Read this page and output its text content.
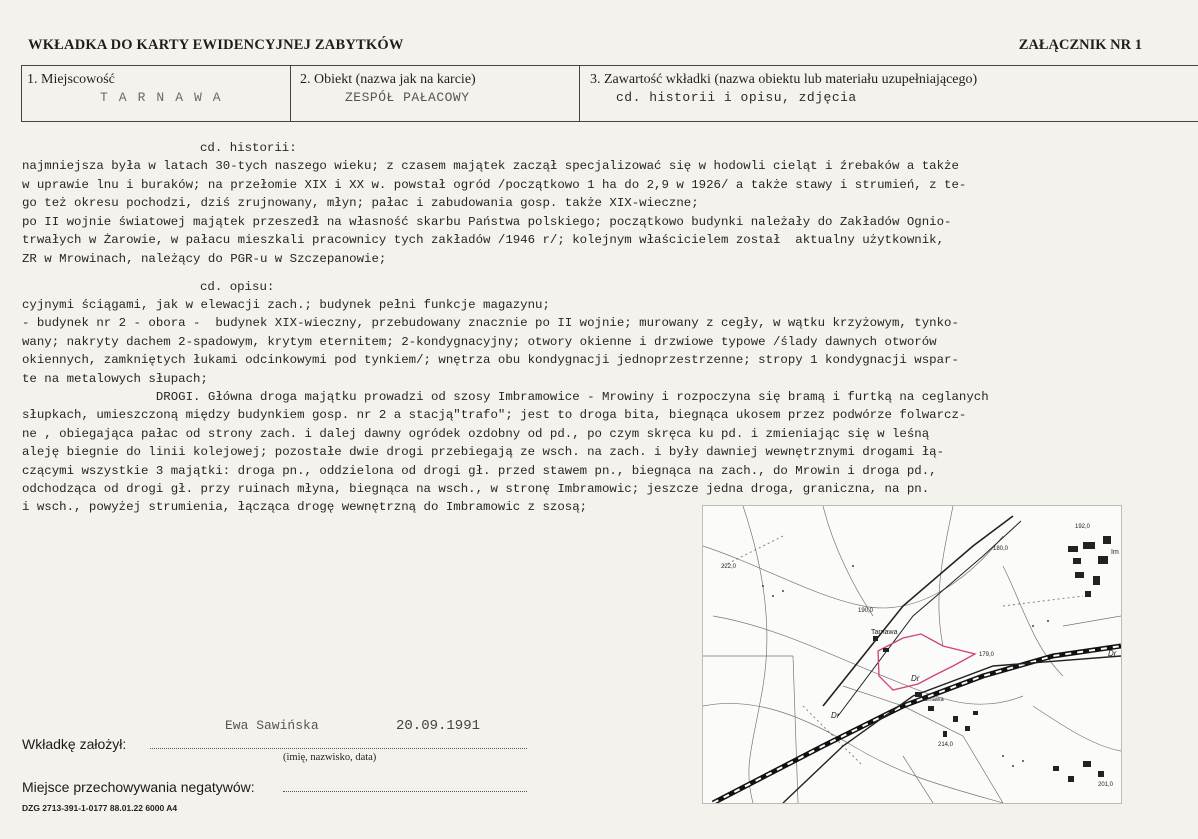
WKŁADKA DO KARTY EWIDENCYJNEJ ZABYTKÓW	ZAŁĄCZNIK NR 1
1. Miejscowość
TARNAWA
2. Obiekt (nazwa jak na karcie)
ZESPÓŁ PAŁACOWY
3. Zawartość wkładki (nazwa obiektu lub materiału uzupełniającego)
cd. historii i opisu, zdjęcia
cd. historii:
najmniejsza była w latach 30-tych naszego wieku; z czasem majątek zaczął specjalizować się w hodowli cieląt i źrebaków a także
w uprawie lnu i buraków; na przełomie XIX i XX w. powstał ogród /początkowo 1 ha do 2,9 w 1926/ a także stawy i strumień, z te-
go też okresu pochodzi, dziś zrujnowany, młyn; pałac i zabudowania gosp. także XIX-wieczne;
po II wojnie światowej majątek przeszedł na własność skarbu Państwa polskiego; początkowo budynki należały do Zakładów Ognio-
trwałych w Żarowie, w pałacu mieszkali pracownicy tych zakładów /1946 r/; kolejnym właścicielem został  aktualny użytkownik,
ZR w Mrowinach, należący do PGR-u w Szczepanowie;
cd. opisu:
cyjnymi ściągami, jak w elewacji zach.; budynek pełni funkcje magazynu;
- budynek nr 2 - obora -  budynek XIX-wieczny, przebudowany znacznie po II wojnie; murowany z cegły, w wątku krzyżowym, tynko-
wany; nakryty dachem 2-spadowym, krytym eternitem; 2-kondygnacyjny; otwory okienne i drzwiowe typowe /ślady dawnych otworów
okiennych, zamkniętych łukami odcinkowymi pod tynkiem/; wnętrza obu kondygnacji jednoprzestrzenne; stropy 1 kondygnacji wspar-
te na metalowych słupach;
DROGI. Główna droga majątku prowadzi od szosy Imbramowice - Mrowiny i rozpoczyna się bramą i furtką na ceglanych
słupkach, umieszczoną między budynkiem gosp. nr 2 a stacją"trafo"; jest to droga bita, biegnąca ukosem przez podwórze folwarcz-
ne , obiegająca pałac od strony zach. i dalej dawny ogródek ozdobny od pd., po czym skręca ku pd. i zmieniając się w leśną
aleję biegnie do linii kolejowej; pozostałe dwie drogi przebiegają ze wsch. na zach. i były dawniej wewnętrznymi drogami łą-
czącymi wszystkie 3 majątki: droga pn., oddzielona od drogi gł. przed stawem pn., biegnąca na zach., do Mrowin i droga pd.,
odchodząca od drogi gł. przy ruinach młyna, biegnąca na wsch., w stronę Imbramowic; jeszcze jedna droga, graniczna, na pn.
i wsch., powyżej strumienia, łącząca drogę wewnętrzną do Imbramowic z szosą;
Tarnawa
Tarnawa
192,0
190,0
180,0
214,0
201,0
222,0
179,0	Dr
Dr
Dr
Im
Ewa Sawińska	20.09.1991
Wkładkę założył:
(imię, nazwisko, data)
Miejsce przechowywania negatywów:
DZG 2713-391-1-0177 88.01.22 6000 A4
